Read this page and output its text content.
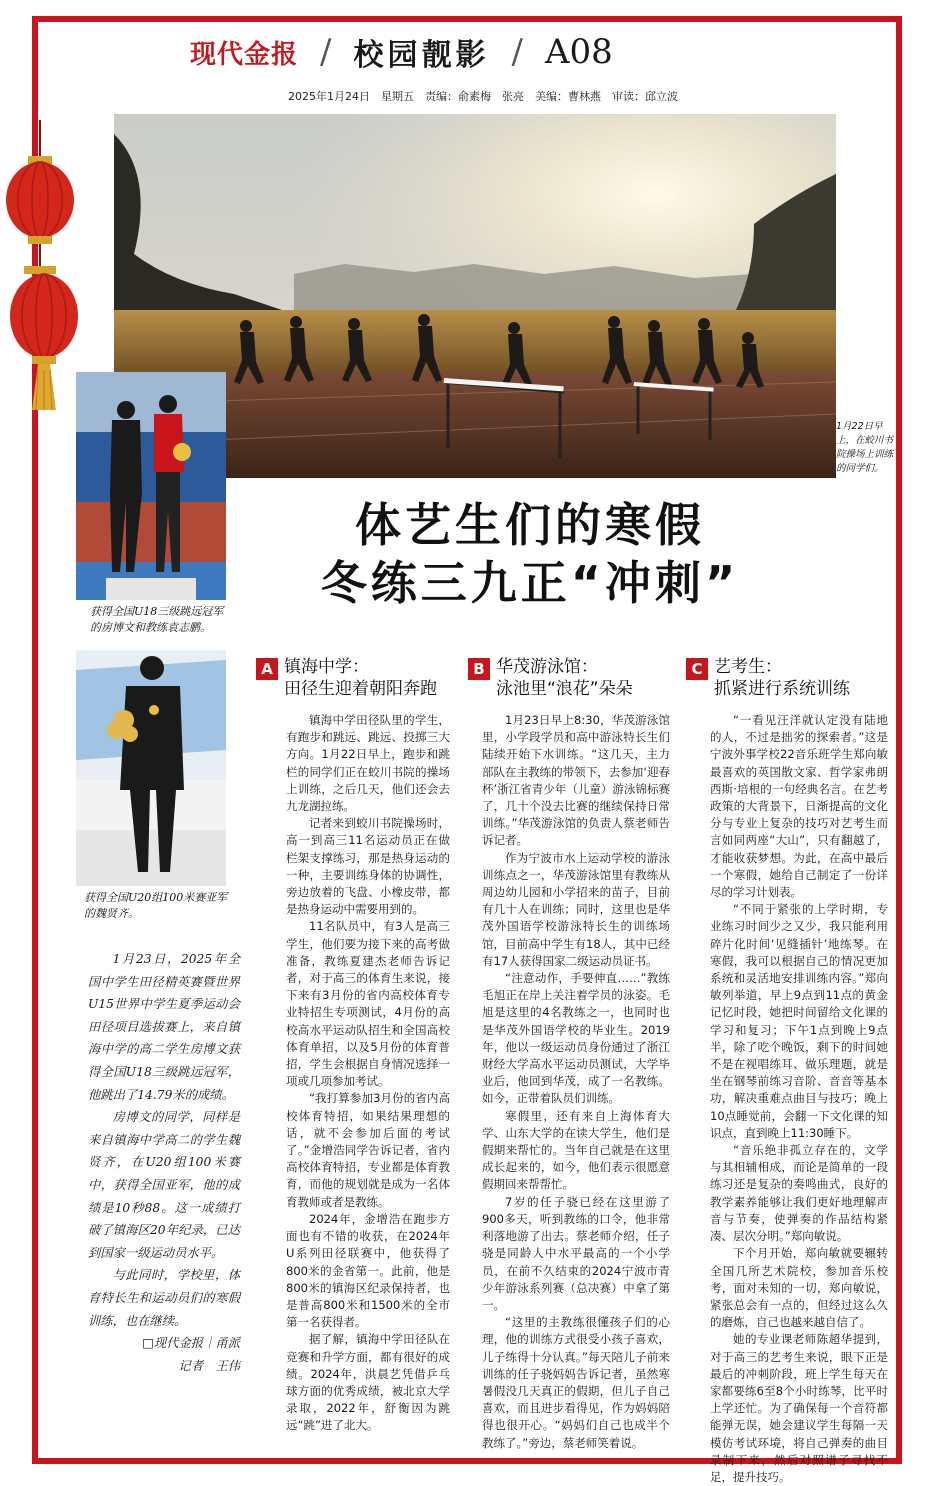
现代金报 / 校园靓影 / A08
2025年1月24日　星期五　责编：俞素梅　张亮　美编：曹林燕　审读：邱立波
1月22日早上，在蛟川书院操场上训练的同学们。
获得全国U18三级跳远冠军的房博文和教练袁志鹏。
获得全国U20组100米赛亚军的魏贤齐。
体艺生们的寒假
冬练三九正“冲刺”
A 镇海中学：
田径生迎着朝阳奔跑
B 华茂游泳馆：
泳池里“浪花”朵朵
C 艺考生：
抓紧进行系统训练

镇海中学田径队里的学生，有跑步和跳远、跳远、投掷三大方向。1月22日早上，跑步和跳栏的同学们正在蛟川书院的操场上训练，之后几天，他们还会去九龙湖拉练。

记者来到蛟川书院操场时，高一到高三11名运动员正在做栏架支撑练习，那是热身运动的一种，主要训练身体的协调性，旁边放着的飞盘、小橡皮带，都是热身运动中需要用到的。

11名队员中，有3人是高三学生，他们要为接下来的高考做准备，教练夏建杰老师告诉记者，对于高三的体育生来说，接下来有3月份的省内高校体育专业特招生专项测试，4月份的高校高水平运动队招生和全国高校体育单招，以及5月份的体育普招，学生会根据自身情况选择一项或几项参加考试。

“我打算参加3月份的省内高校体育特招，如果结果理想的话，就不会参加后面的考试了。”金增浩同学告诉记者，省内高校体育特招，专业都是体育教育，而他的规划就是成为一名体育教师或者是教练。

2024年，金增浩在跑步方面也有不错的收获，在2024年U系列田径联赛中，他获得了800米的金省第一。此前，他是800米的镇海区纪录保持者，也是普高800米和1500米的全市第一名获得者。

据了解，镇海中学田径队在竞赛和升学方面，都有很好的成绩。2024年，洪晨艺凭借乒乓球方面的优秀成绩，被北京大学录取，2022年，舒衡因为跳远“跳”进了北大。

1月23日早上8:30，华茂游泳馆里，小学段学员和高中游泳特长生们陆续开始下水训练。“这几天，主力部队在主教练的带领下，去参加‘迎春杯’浙江省青少年（儿童）游泳锦标赛了，几十个没去比赛的继续保持日常训练。”华茂游泳馆的负责人蔡老师告诉记者。

作为宁波市水上运动学校的游泳训练点之一，华茂游泳馆里有教练从周边幼儿园和小学招来的苗子，目前有几十人在训练；同时，这里也是华茂外国语学校游泳特长生的训练场馆，目前高中学生有18人，其中已经有17人获得国家二级运动员证书。

“注意动作，手要伸直……”教练毛旭正在岸上关注着学员的泳姿。毛旭是这里的4名教练之一，也同时也是华茂外国语学校的毕业生。2019年，他以一级运动员身份通过了浙江财经大学高水平运动员测试，大学毕业后，他回到华茂，成了一名教练。如今，正带着队员们训练。

寒假里，还有来自上海体育大学、山东大学的在读大学生，他们是假期来帮忙的。当年自己就是在这里成长起来的，如今，他们表示很愿意假期回来帮帮忙。

7岁的任子骁已经在这里游了900多天，听到教练的口令，他非常利落地游了出去。蔡老师介绍，任子骁是同龄人中水平最高的一个小学员，在前不久结束的2024宁波市青少年游泳系列赛（总决赛）中拿了第一。

“这里的主教练很懂孩子们的心理，他的训练方式很受小孩子喜欢，儿子练得十分认真。”每天陪儿子前来训练的任子骁妈妈告诉记者，虽然寒暑假没几天真正的假期，但儿子自己喜欢，而且进步看得见，作为妈妈陪得也很开心。“妈妈们自己也成半个教练了。”旁边，蔡老师笑着说。

“一看见汪洋就认定没有陆地的人，不过是拙劣的探索者。”这是宁波外事学校22音乐班学生郑向敏最喜欢的英国散文家、哲学家弗朗西斯·培根的一句经典名言。在艺考政策的大背景下，日渐提高的文化分与专业上复杂的技巧对艺考生而言如同两座“大山”，只有翻越了，才能收获梦想。为此，在高中最后一个寒假，她给自己制定了一份详尽的学习计划表。

“不同于紧张的上学时期，专业练习时间少之又少，我只能利用碎片化时间‘见缝插针’地练琴。在寒假，我可以根据自己的情况更加系统和灵活地安排训练内容。”郑向敏列举道，早上9点到11点的黄金记忆时段，她把时间留给文化课的学习和复习；下午1点到晚上9点半，除了吃个晚饭，剩下的时间她不是在视唱练耳、做乐理题，就是坐在钢琴前练习音阶、音音等基本功，解决重难点曲目与技巧；晚上10点睡觉前，会翻一下文化课的知识点，直到晚上11:30睡下。

“音乐绝非孤立存在的，文学与其相辅相成，而论是简单的一段练习还是复杂的奏鸣曲式，良好的教学素养能够让我们更好地理解声音与节奏，使弹奏的作品结构紧凑、层次分明。”郑向敏说。

下个月开始，郑向敏就要辗转全国几所艺术院校，参加音乐校考，面对未知的一切，郑向敏说，紧张总会有一点的，但经过这么久的磨炼，自己也越来越自信了。

她的专业课老师陈超华提到，对于高三的艺考生来说，眼下正是最后的冲刺阶段，班上学生每天在家都要练6至8个小时练琴，比平时上学还忙。为了确保每一个音符都能弹无误，她会建议学生每隔一天模仿考试环境，将自己弹奏的曲目录制下来，然后对照谱子寻找不足，提升技巧。

1月23日，2025年全国中学生田径精英赛暨世界U15世界中学生夏季运动会田径项目选拔赛上，来自镇海中学的高二学生房博文获得全国U18三级跳远冠军，他跳出了14.79米的成绩。

房博文的同学，同样是来自镇海中学高二的学生魏贤齐，在U20组100米赛中，获得全国亚军，他的成绩是10秒88。这一成绩打破了镇海区20年纪录，已达到国家一级运动员水平。

与此同时，学校里，体育特长生和运动员们的寒假训练，也在继续。

□现代金报｜甬派

记者　王伟
